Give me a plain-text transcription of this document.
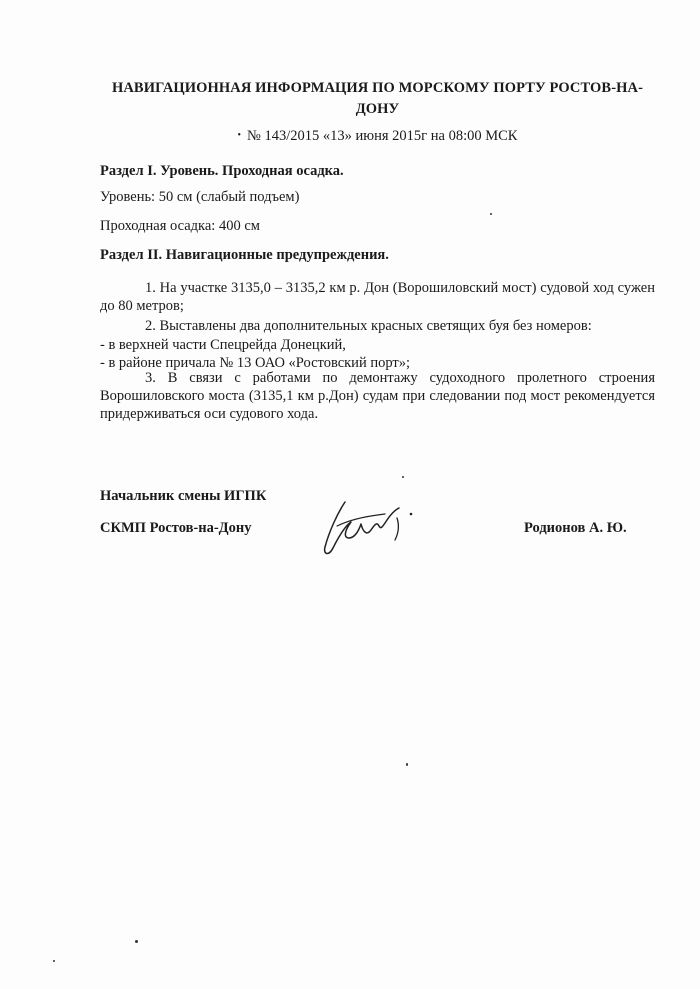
НАВИГАЦИОННАЯ ИНФОРМАЦИЯ ПО МОРСКОМУ ПОРТУ РОСТОВ-НА-ДОНУ
• № 143/2015 «13» июня 2015г на 08:00 МСК

Раздел I. Уровень. Проходная осадка.

Уровень: 50 см (слабый подъем)

Проходная осадка: 400 см

Раздел II. Навигационные предупреждения.

1. На участке 3135,0 – 3135,2 км р. Дон (Ворошиловский мост) судовой ход сужен до 80 метров;

2. Выставлены два дополнительных красных светящих буя без номеров:

- в верхней части Спецрейда Донецкий,

- в районе причала № 13 ОАО «Ростовский порт»;

3. В связи с работами по демонтажу судоходного пролетного строения Ворошиловского моста (3135,1 км р.Дон) судам при следовании под мост рекомендуется придерживаться оси судового хода.

Начальник смены ИГПК
СКМП Ростов-на-Дону	Родионов А. Ю.
